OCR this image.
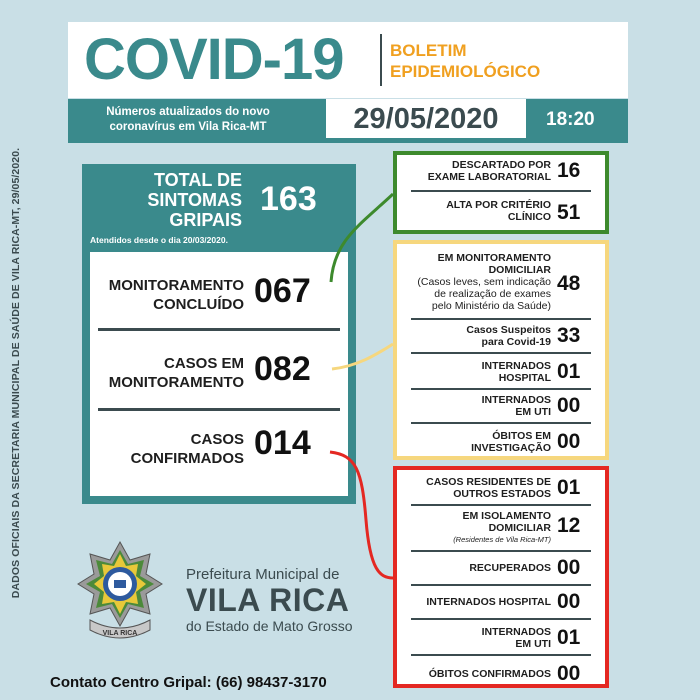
DADOS OFICIAIS DA SECRETARIA MUNICIPAL DE SAÚDE DE VILA RICA-MT, 29/05/2020.
COVID-19	BOLETIM
EPIDEMIOLÓGICO
Números atualizados do novo
coronavírus em Vila Rica-MT	29/05/2020	18:20
TOTAL DE
SINTOMAS
GRIPAIS
163
Atendidos desde o dia 20/03/2020.
MONITORAMENTO
CONCLUÍDO 067
CASOS EM
MONITORAMENTO 082
CASOS
CONFIRMADOS 014
DESCARTADO POR
EXAME LABORATORIAL 16
ALTA POR CRITÉRIO
CLÍNICO 51
EM MONITORAMENTO
DOMICILIAR
(Casos leves, sem indicação
de realização de exames
pelo Ministério da Saúde)
48
Casos Suspeitos
para Covid-19 33
INTERNADOS
HOSPITAL 01
INTERNADOS
EM UTI 00
ÓBITOS EM
INVESTIGAÇÃO 00
CASOS RESIDENTES DE
OUTROS ESTADOS 01
EM ISOLAMENTO
DOMICILIAR
(Residentes de Vila Rica-MT)
12
RECUPERADOS 00
INTERNADOS HOSPITAL 00
INTERNADOS
EM UTI 01
ÓBITOS CONFIRMADOS 00
VILA RICA
Prefeitura Municipal de
VILA RICA
do Estado de Mato Grosso
Contato Centro Gripal: (66) 98437-3170
